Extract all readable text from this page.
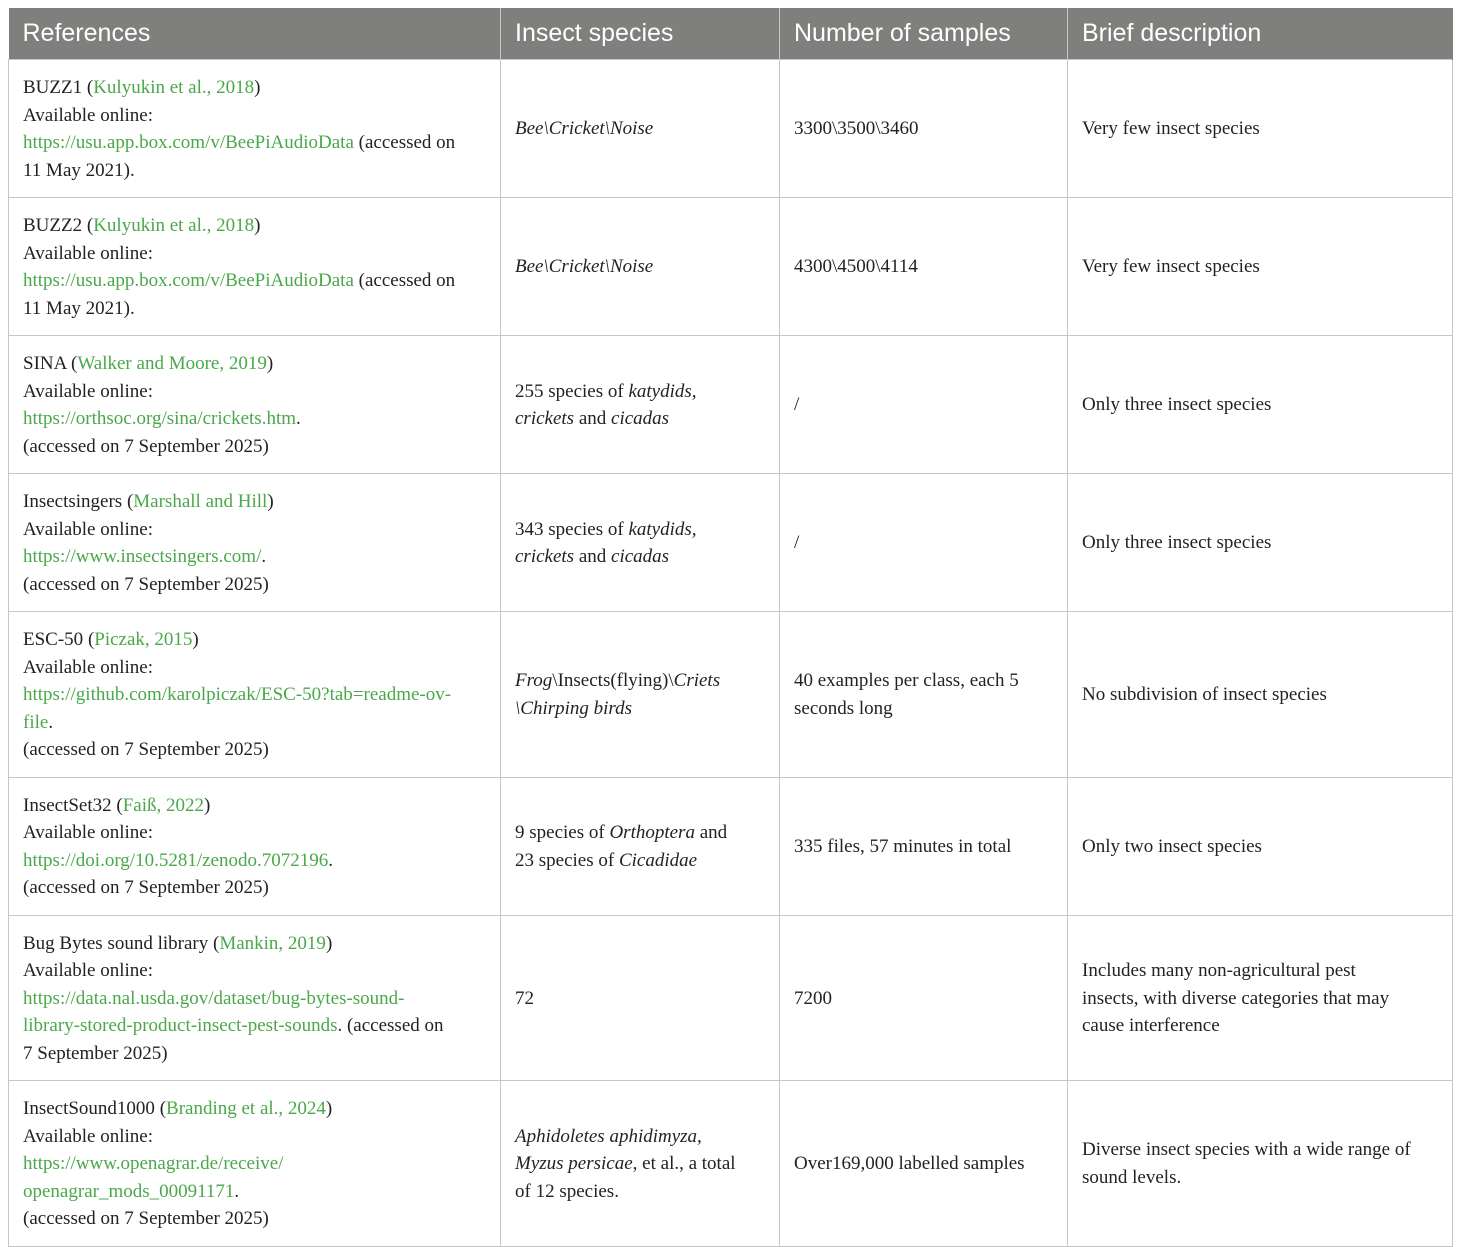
References	Insect species	Number of samples	Brief description

BUZZ1 (Kulyukin et al., 2018)
Available online:
https://usu.app.box.com/v/BeePiAudioData (accessed on
11 May 2021).	Bee\Cricket\Noise	3300\3500\3460	Very few insect species

BUZZ2 (Kulyukin et al., 2018)
Available online:
https://usu.app.box.com/v/BeePiAudioData (accessed on
11 May 2021).	Bee\Cricket\Noise	4300\4500\4114	Very few insect species

SINA (Walker and Moore, 2019)
Available online:
https://orthsoc.org/sina/crickets.htm.
(accessed on 7 September 2025)	255 species of katydids,
crickets and cicadas	/	Only three insect species

Insectsingers (Marshall and Hill)
Available online:
https://www.insectsingers.com/.
(accessed on 7 September 2025)	343 species of katydids,
crickets and cicadas	/	Only three insect species

ESC-50 (Piczak, 2015)
Available online:
https://github.com/karolpiczak/ESC-50?tab=readme-ov-
file.
(accessed on 7 September 2025)	Frog\Insects(flying)\Criets
\Chirping birds	40 examples per class, each 5
seconds long	No subdivision of insect species

InsectSet32 (Faiß, 2022)
Available online:
https://doi.org/10.5281/zenodo.7072196.
(accessed on 7 September 2025)	9 species of Orthoptera and
23 species of Cicadidae	335 files, 57 minutes in total	Only two insect species

Bug Bytes sound library (Mankin, 2019)
Available online:
https://data.nal.usda.gov/dataset/bug-bytes-sound-
library-stored-product-insect-pest-sounds. (accessed on
7 September 2025)	72	7200	Includes many non-agricultural pest
insects, with diverse categories that may
cause interference

InsectSound1000 (Branding et al., 2024)
Available online:
https://www.openagrar.de/receive/
openagrar_mods_00091171.
(accessed on 7 September 2025)	Aphidoletes aphidimyza,
Myzus persicae, et al., a total
of 12 species.	Over169,000 labelled samples	Diverse insect species with a wide range of
sound levels.
